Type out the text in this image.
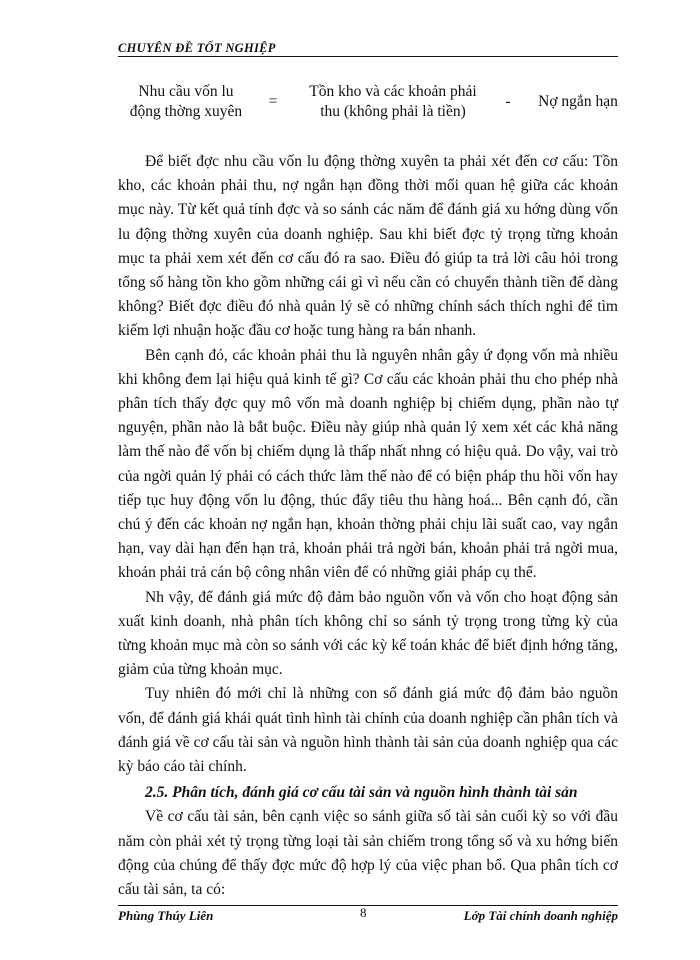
CHUYÊN ĐỀ TỐT NGHIỆP
Nhu cầu vốn lu
động thờng xuyên
=
Tồn kho và các khoản phải
thu (không phải là tiền)
-	Nợ ngắn hạn

Để biết đợc nhu cầu vốn lu động thờng xuyên ta phải xét đến cơ cấu: Tồn kho, các khoản phải thu, nợ ngắn hạn đồng thời mối quan hệ giữa các khoản mục này. Từ kết quả tính đợc và so sánh các năm để đánh giá xu hớng dùng vốn lu động thờng xuyên của doanh nghiệp. Sau khi biết đợc tỷ trọng từng khoản mục ta phải xem xét đến cơ cấu đó ra sao. Điều đó giúp ta trả lời câu hỏi trong tổng số hàng tồn kho gồm những cái gì vì nếu cần có chuyển thành tiền để dàng không? Biết đợc điều đó nhà quản lý sẽ có những chính sách thích nghi để tìm kiếm lợi nhuận hoặc đầu cơ hoặc tung hàng ra bán nhanh.

Bên cạnh đó, các khoản phải thu là nguyên nhân gây ứ đọng vốn mà nhiều khi không đem lại hiệu quả kinh tế gì? Cơ cấu các khoản phải thu cho phép nhà phân tích thấy đợc quy mô vốn mà doanh nghiệp bị chiếm dụng, phần nào tự nguyện, phần nào là bắt buộc. Điều này giúp nhà quản lý xem xét các khả năng làm thế nào để vốn bị chiếm dụng là thấp nhất nhng có hiệu quả. Do vậy, vai trò của ngời quản lý phải có cách thức làm thế nào để có biện pháp thu hồi vốn hay tiếp tục huy động vốn lu động, thúc đẩy tiêu thu hàng hoá... Bên cạnh đó, cần chú ý đến các khoản nợ ngắn hạn, khoản thờng phải chịu lãi suất cao, vay ngắn hạn, vay dài hạn đến hạn trả, khoản phải trả ngời bán, khoản phải trả ngời mua, khoản phải trả cán bộ công nhân viên để có những giải pháp cụ thể.

Nh vậy, để đánh giá mức độ đảm bảo nguồn vốn và vốn cho hoạt động sản xuất kinh doanh, nhà phân tích không chỉ so sánh tỷ trọng trong từng kỳ của từng khoản mục mà còn so sánh với các kỳ kế toán khác để biết định hớng tăng, giảm của từng khoản mục.

Tuy nhiên đó mới chỉ là những con số đánh giá mức độ đảm bảo nguồn vốn, để đánh giá khái quát tình hình tài chính của doanh nghiệp cần phân tích và đánh giá về cơ cấu tài sản và nguồn hình thành tài sản của doanh nghiệp qua các kỳ báo cáo tài chính.

2.5. Phân tích, đánh giá cơ cấu tài sản và nguồn hình thành tài sản

Về cơ cấu tài sản, bên cạnh việc so sánh giữa số tài sản cuối kỳ so với đầu năm còn phải xét tỷ trọng từng loại tài sản chiếm trong tổng số và xu hớng biến động của chúng để thấy đợc mức độ hợp lý của việc phan bổ. Qua phân tích cơ cấu tài sản, ta có:

Phùng Thúy Liên	8	Lớp Tài chính doanh nghiệp
